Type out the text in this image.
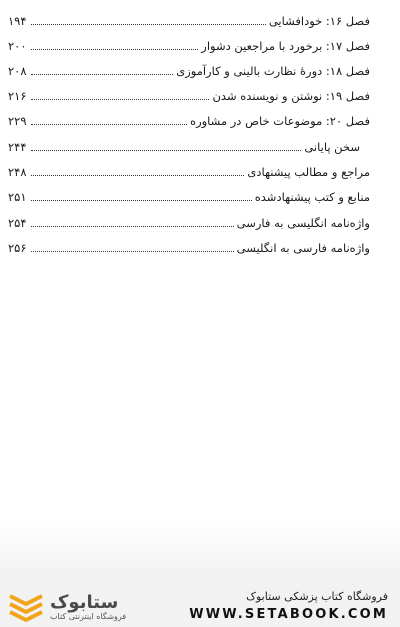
فصل ۱۶: خودافشایی
۱۹۴
فصل ۱۷: برخورد با مراجعین دشوار
۲۰۰
فصل ۱۸: دورهٔ نظارت بالینی و کارآموزی
۲۰۸
فصل ۱۹: نوشتن و نویسنده شدن
۲۱۶
فصل ۲۰: موضوعات خاص در مشاوره
۲۲۹
سخن پایانی
۲۴۴
مراجع و مطالب پیشنهادی
۲۴۸
منابع و کتب پیشنهادشده
۲۵۱
واژه‌نامه انگلیسی به فارسی
۲۵۴
واژه‌نامه فارسی به انگلیسی
۲۵۶
فروشگاه کتاب پزشکی ستابوک
WWW.SETABOOK.COM
ستابوک
فروشگاه اینترنتی کتاب
